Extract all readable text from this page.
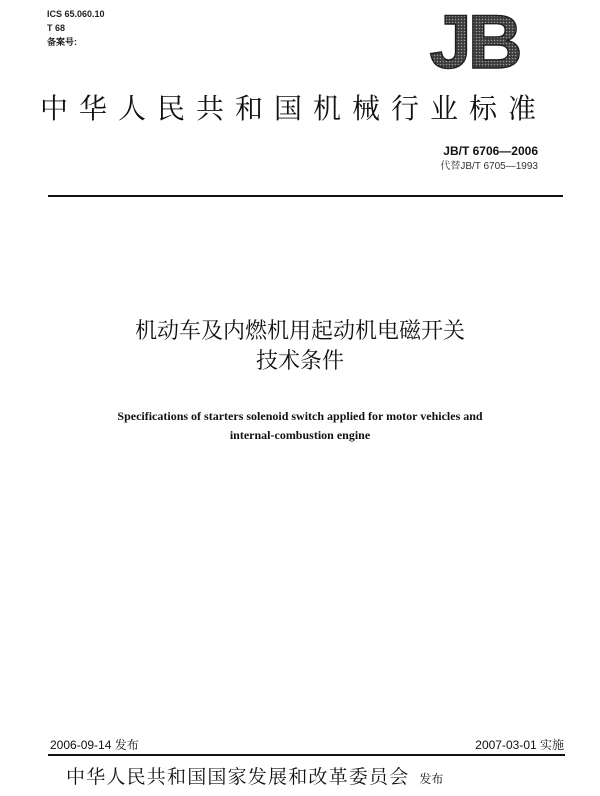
ICS 65.060.10
T 68
备案号:	JB
中华人民共和国机械行业标准
JB/T 6706—2006
代替JB/T 6705—1993
机动车及内燃机用起动机电磁开关
技术条件
Specifications of starters solenoid switch applied for motor vehicles and
internal-combustion engine
2006-09-14 发布	2007-03-01 实施
中华人民共和国国家发展和改革委员会 发布
